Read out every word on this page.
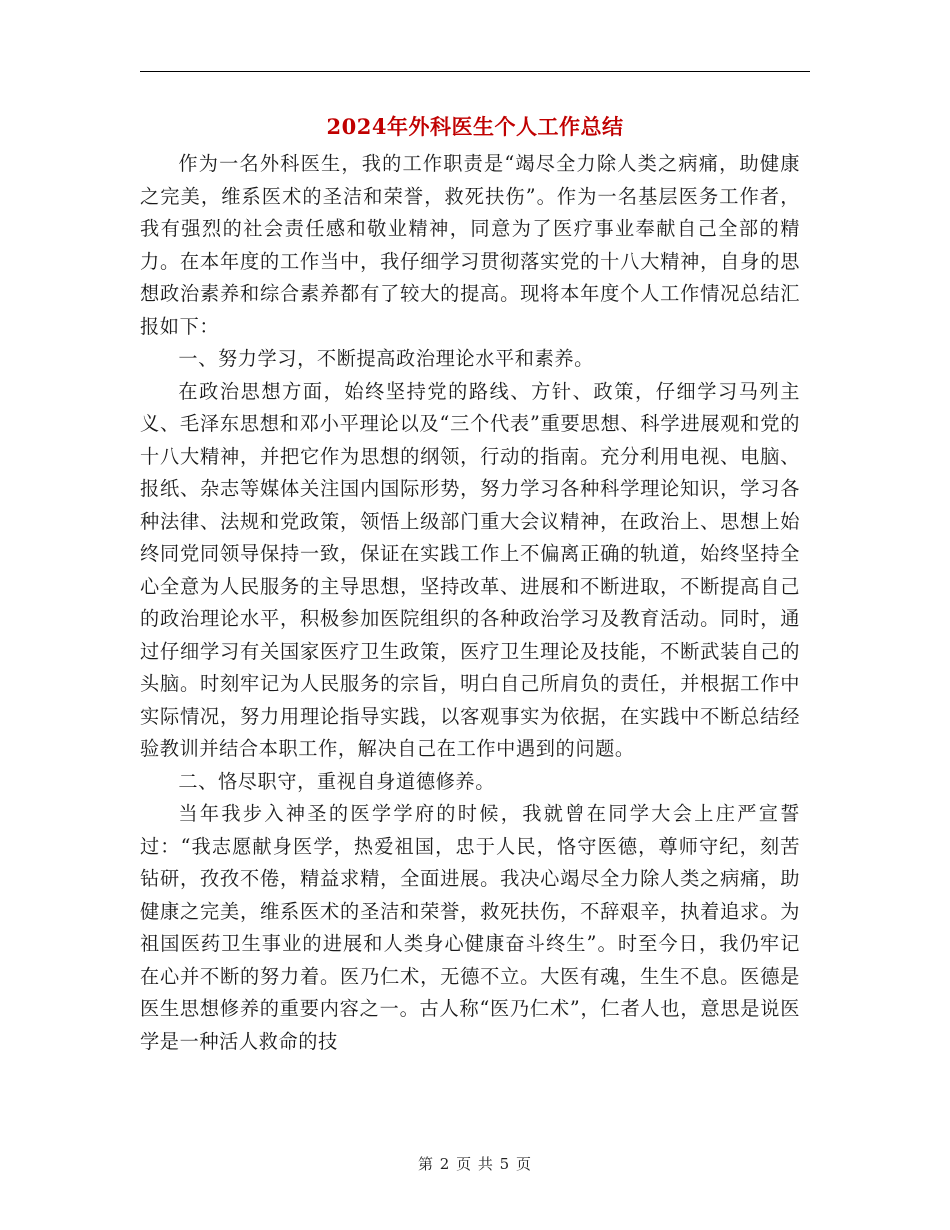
2024年外科医生个人工作总结

作为一名外科医生，我的工作职责是“竭尽全力除人类之病痛，助健康之完美，维系医术的圣洁和荣誉，救死扶伤”。作为一名基层医务工作者，我有强烈的社会责任感和敬业精神，同意为了医疗事业奉献自己全部的精力。在本年度的工作当中，我仔细学习贯彻落实党的十八大精神，自身的思想政治素养和综合素养都有了较大的提高。现将本年度个人工作情况总结汇报如下：

一、努力学习，不断提高政治理论水平和素养。

在政治思想方面，始终坚持党的路线、方针、政策，仔细学习马列主义、毛泽东思想和邓小平理论以及“三个代表”重要思想、科学进展观和党的十八大精神，并把它作为思想的纲领，行动的指南。充分利用电视、电脑、报纸、杂志等媒体关注国内国际形势，努力学习各种科学理论知识，学习各种法律、法规和党政策，领悟上级部门重大会议精神，在政治上、思想上始终同党同领导保持一致，保证在实践工作上不偏离正确的轨道，始终坚持全心全意为人民服务的主导思想，坚持改革、进展和不断进取，不断提高自己的政治理论水平，积极参加医院组织的各种政治学习及教育活动。同时，通过仔细学习有关国家医疗卫生政策，医疗卫生理论及技能，不断武装自己的头脑。时刻牢记为人民服务的宗旨，明白自己所肩负的责任，并根据工作中实际情况，努力用理论指导实践，以客观事实为依据，在实践中不断总结经验教训并结合本职工作，解决自己在工作中遇到的问题。

二、恪尽职守，重视自身道德修养。

当年我步入神圣的医学学府的时候，我就曾在同学大会上庄严宣誓过：“我志愿献身医学，热爱祖国，忠于人民，恪守医德，尊师守纪，刻苦钻研，孜孜不倦，精益求精，全面进展。我决心竭尽全力除人类之病痛，助健康之完美，维系医术的圣洁和荣誉，救死扶伤，不辞艰辛，执着追求。为祖国医药卫生事业的进展和人类身心健康奋斗终生”。时至今日，我仍牢记在心并不断的努力着。医乃仁术，无德不立。大医有魂，生生不息。医德是医生思想修养的重要内容之一。古人称“医乃仁术”，仁者人也，意思是说医学是一种活人救命的技

第 2 页 共 5 页
